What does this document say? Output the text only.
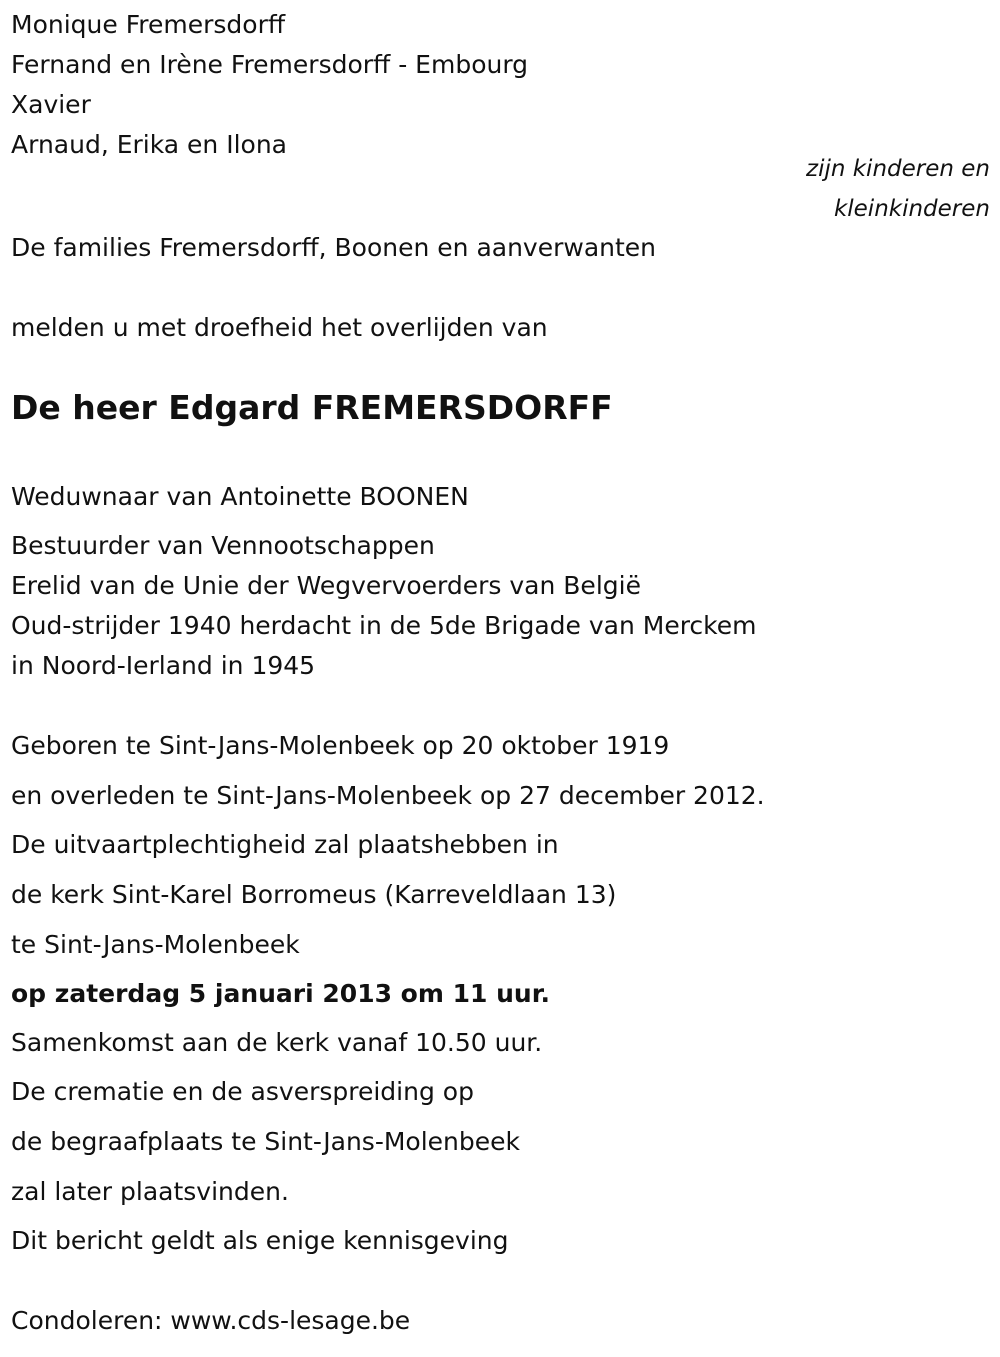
Monique Fremersdorff

Fernand en Irène Fremersdorff - Embourg

Xavier

Arnaud, Erika en Ilona

zijn kinderen en

kleinkinderen

De families Fremersdorff, Boonen en aanverwanten

melden u met droefheid het overlijden van

De heer Edgard FREMERSDORFF

Weduwnaar van Antoinette BOONEN

Bestuurder van Vennootschappen

Erelid van de Unie der Wegvervoerders van België

Oud-strijder 1940 herdacht in de 5de Brigade van Merckem

in Noord-Ierland in 1945

Geboren te Sint-Jans-Molenbeek op 20 oktober 1919

en overleden te Sint-Jans-Molenbeek op 27 december 2012.

De uitvaartplechtigheid zal plaatshebben in

de kerk Sint-Karel Borromeus (Karreveldlaan 13)

te Sint-Jans-Molenbeek

op zaterdag 5 januari 2013 om 11 uur.

Samenkomst aan de kerk vanaf 10.50 uur.

De crematie en de asverspreiding op

de begraafplaats te Sint-Jans-Molenbeek

zal later plaatsvinden.

Dit bericht geldt als enige kennisgeving

Condoleren: www.cds-lesage.be
